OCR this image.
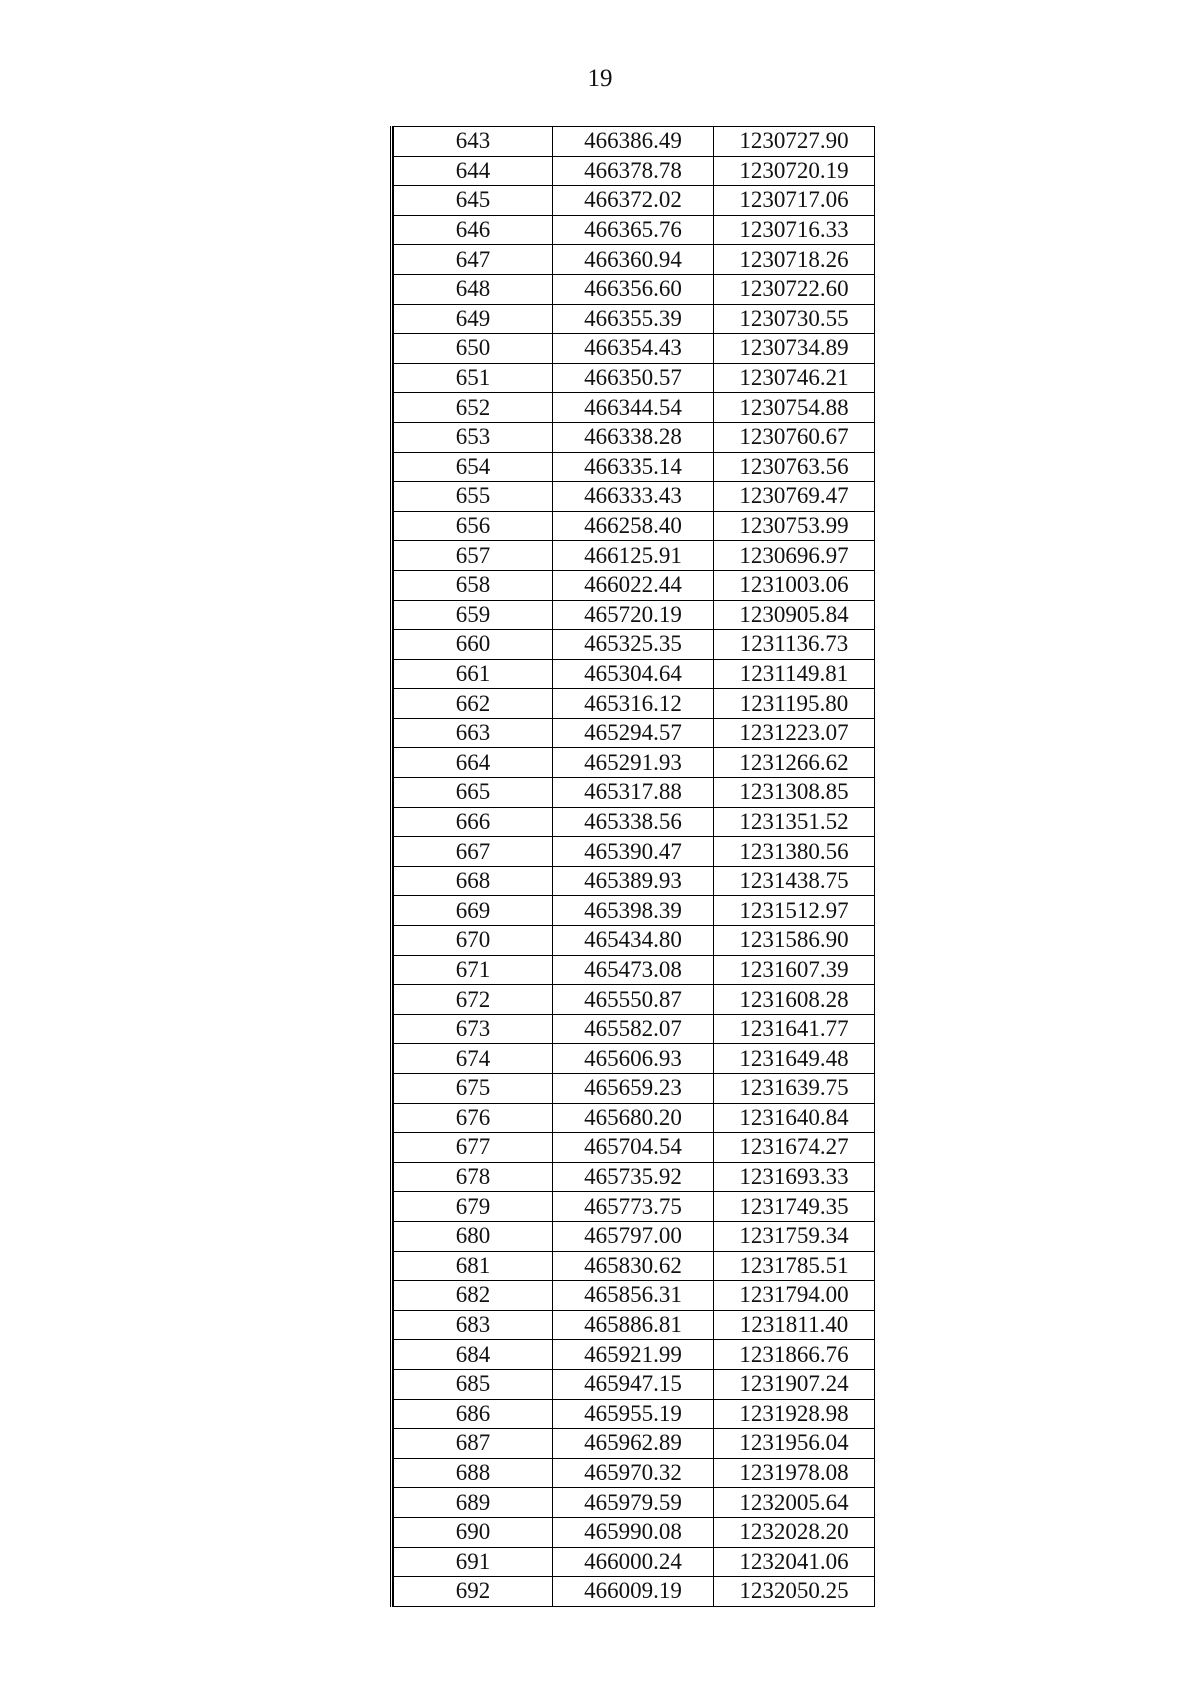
19
643	466386.49	1230727.90
644	466378.78	1230720.19
645	466372.02	1230717.06
646	466365.76	1230716.33
647	466360.94	1230718.26
648	466356.60	1230722.60
649	466355.39	1230730.55
650	466354.43	1230734.89
651	466350.57	1230746.21
652	466344.54	1230754.88
653	466338.28	1230760.67
654	466335.14	1230763.56
655	466333.43	1230769.47
656	466258.40	1230753.99
657	466125.91	1230696.97
658	466022.44	1231003.06
659	465720.19	1230905.84
660	465325.35	1231136.73
661	465304.64	1231149.81
662	465316.12	1231195.80
663	465294.57	1231223.07
664	465291.93	1231266.62
665	465317.88	1231308.85
666	465338.56	1231351.52
667	465390.47	1231380.56
668	465389.93	1231438.75
669	465398.39	1231512.97
670	465434.80	1231586.90
671	465473.08	1231607.39
672	465550.87	1231608.28
673	465582.07	1231641.77
674	465606.93	1231649.48
675	465659.23	1231639.75
676	465680.20	1231640.84
677	465704.54	1231674.27
678	465735.92	1231693.33
679	465773.75	1231749.35
680	465797.00	1231759.34
681	465830.62	1231785.51
682	465856.31	1231794.00
683	465886.81	1231811.40
684	465921.99	1231866.76
685	465947.15	1231907.24
686	465955.19	1231928.98
687	465962.89	1231956.04
688	465970.32	1231978.08
689	465979.59	1232005.64
690	465990.08	1232028.20
691	466000.24	1232041.06
692	466009.19	1232050.25
